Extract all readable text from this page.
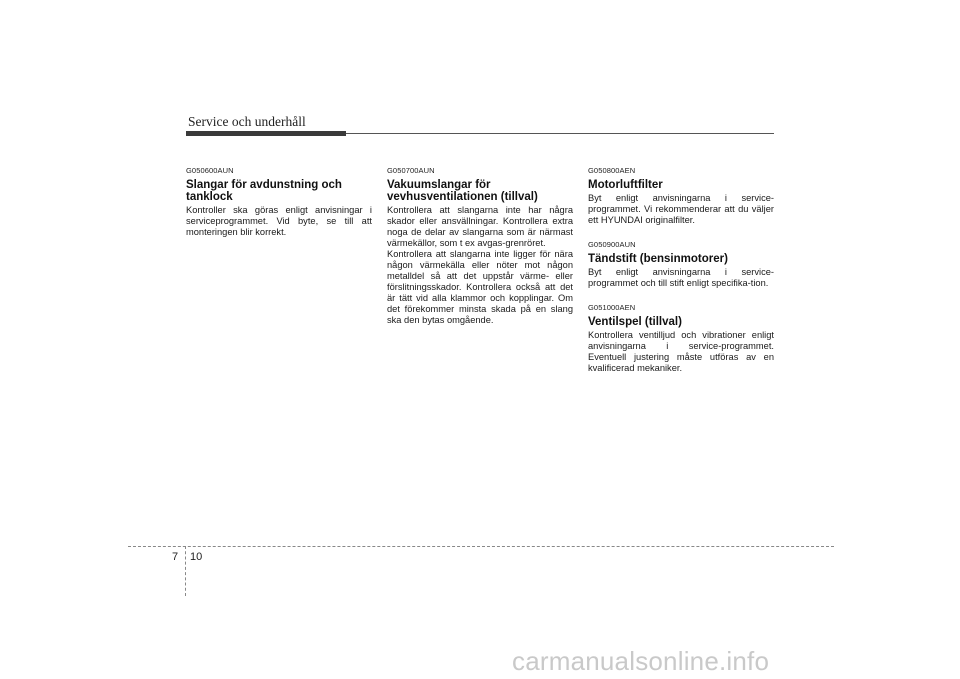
Service och underhåll

G050600AUN

Slangar för avdunstning och tanklock

Kontroller ska göras enligt anvisningar i serviceprogrammet. Vid byte, se till att monteringen blir korrekt.

G050700AUN

Vakuumslangar för vevhusventilationen (tillval)

Kontrollera att slangarna inte har några skador eller ansvällningar. Kontrollera extra noga de delar av slangarna som är närmast värmekällor, som t ex avgas-grenröret.

Kontrollera att slangarna inte ligger för nära någon värmekälla eller nöter mot någon metalldel så att det uppstår värme- eller förslitningsskador. Kontrollera också att det är tätt vid alla klammor och kopplingar. Om det förekommer minsta skada på en slang ska den bytas omgående.

G050800AEN

Motorluftfilter

Byt enligt anvisningarna i service-programmet. Vi rekommenderar att du väljer ett HYUNDAI originalfilter.

G050900AUN

Tändstift (bensinmotorer)

Byt enligt anvisningarna i service-programmet och till stift enligt specifika-tion.

G051000AEN

Ventilspel (tillval)

Kontrollera ventilljud och vibrationer enligt anvisningarna i service-programmet. Eventuell justering måste utföras av en kvalificerad mekaniker.

7 10
carmanualsonline.info
